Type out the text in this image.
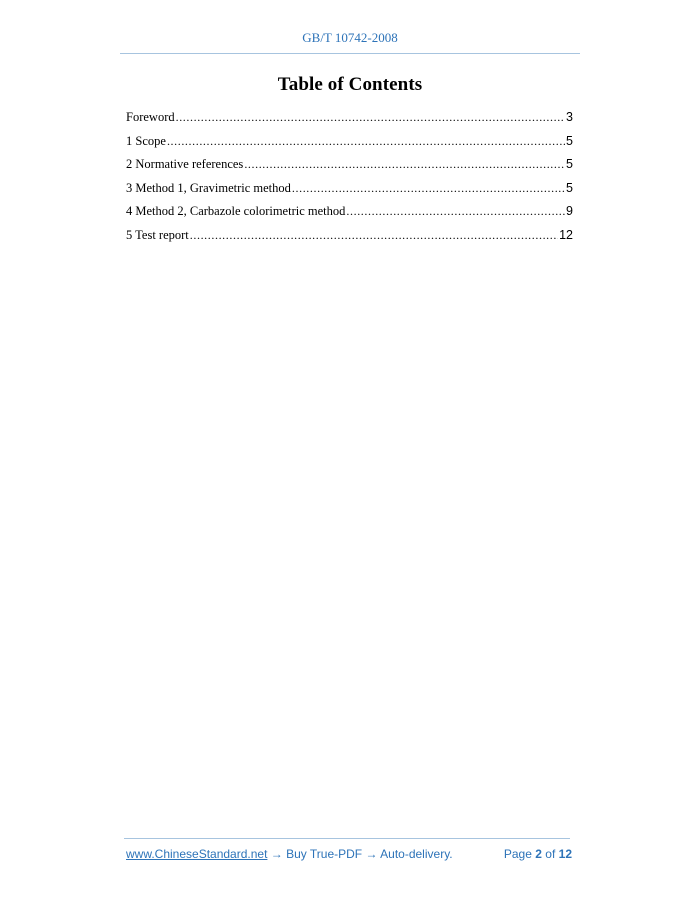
GB/T 10742-2008
Table of Contents
Foreword .....	3
1 Scope .....	5
2 Normative references .....	5
3 Method 1, Gravimetric method .....	5
4 Method 2, Carbazole colorimetric method .....	9
5 Test report .....	12
www.ChineseStandard.net → Buy True-PDF → Auto-delivery.	Page 2 of 12
